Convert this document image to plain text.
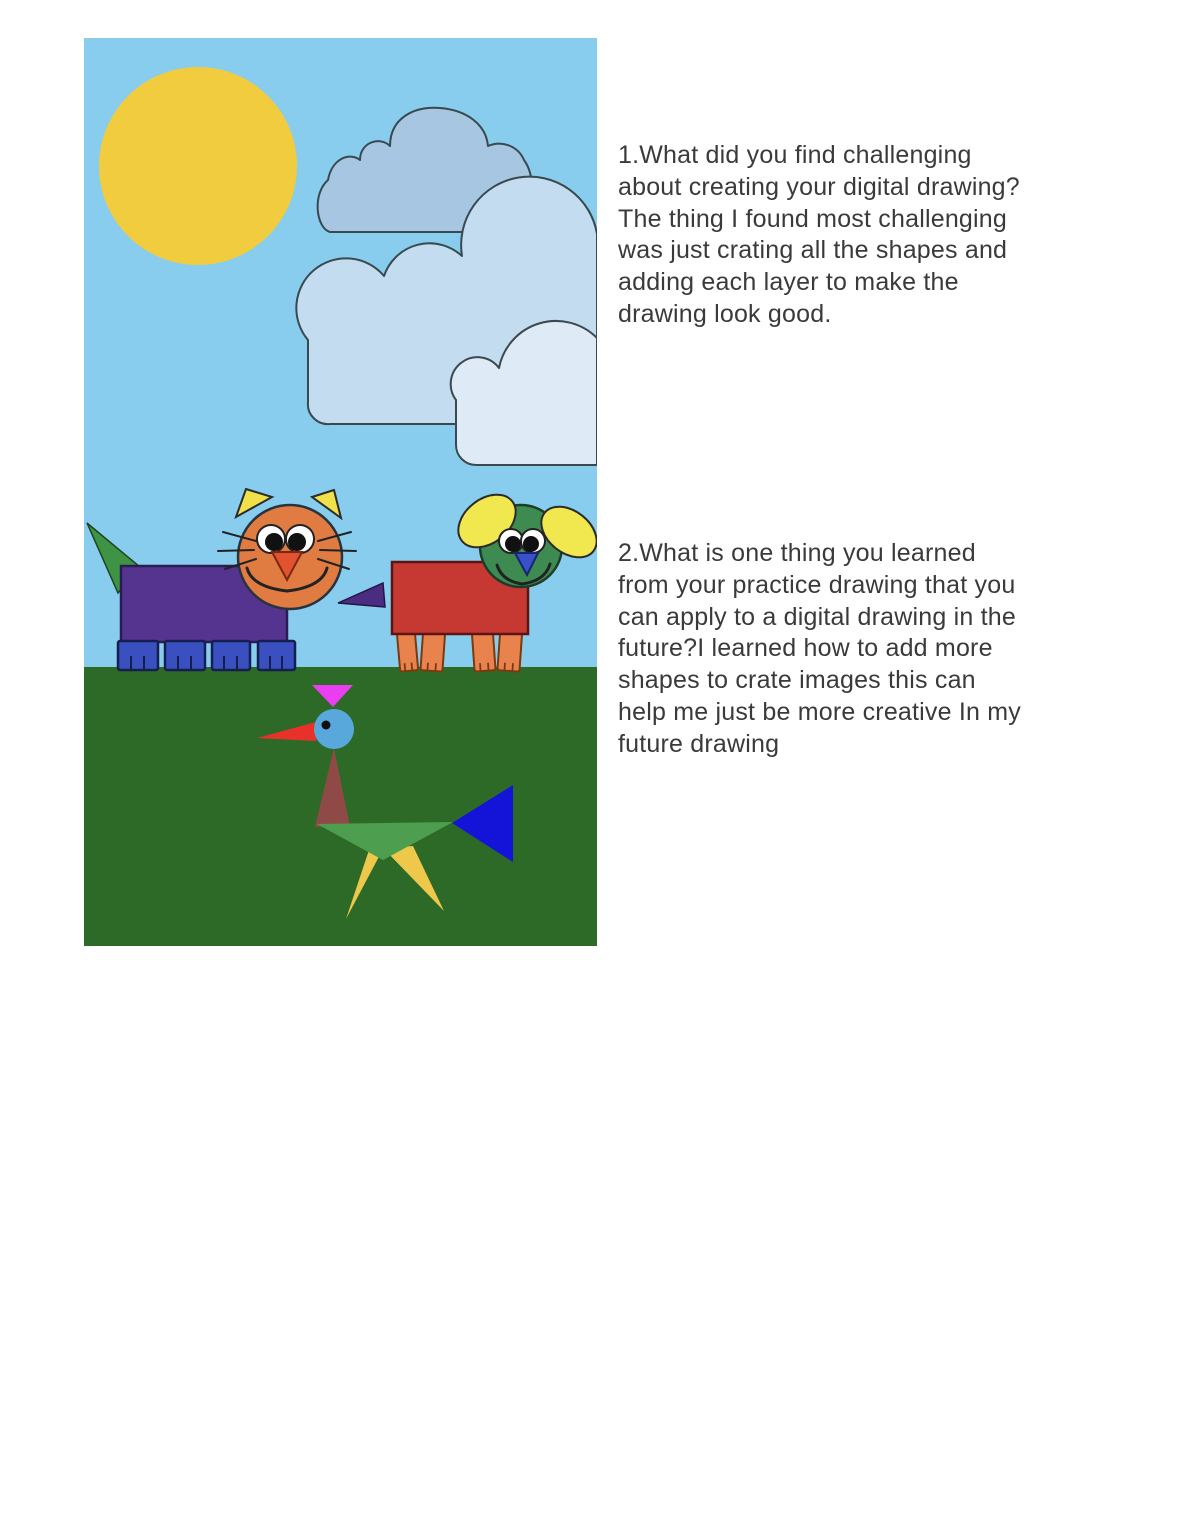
1.What did you find challenging
about creating your digital drawing?
The thing I found most challenging
was just crating all the shapes and
adding each layer to make the
drawing look good.
2.What is one thing you learned
from your practice drawing that you
can apply to a digital drawing in the
future?I learned how to add more
shapes to crate images this can
help me just be more creative In my
future drawing
